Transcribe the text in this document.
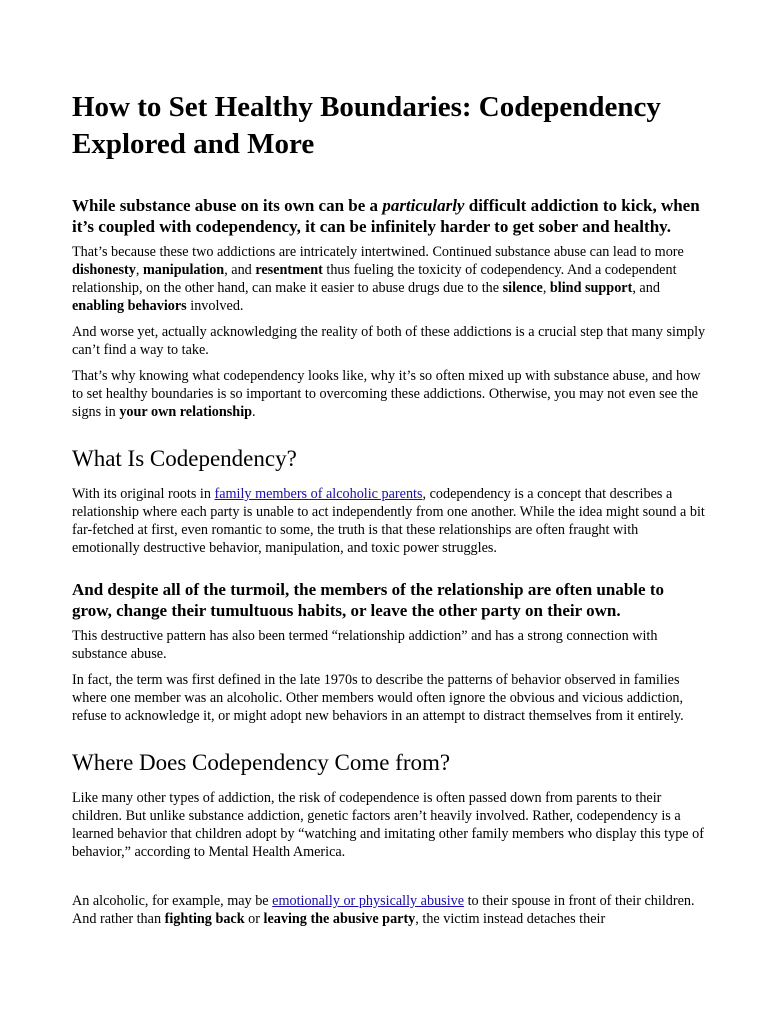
How to Set Healthy Boundaries: Codependency Explored and More
While substance abuse on its own can be a particularly difficult addiction to kick, when it’s coupled with codependency, it can be infinitely harder to get sober and healthy.

That’s because these two addictions are intricately intertwined. Continued substance abuse can lead to more dishonesty, manipulation, and resentment thus fueling the toxicity of codependency. And a codependent relationship, on the other hand, can make it easier to abuse drugs due to the silence, blind support, and enabling behaviors involved.

And worse yet, actually acknowledging the reality of both of these addictions is a crucial step that many simply can’t find a way to take.

That’s why knowing what codependency looks like, why it’s so often mixed up with substance abuse, and how to set healthy boundaries is so important to overcoming these addictions. Otherwise, you may not even see the signs in your own relationship.

What Is Codependency?

With its original roots in family members of alcoholic parents, codependency is a concept that describes a relationship where each party is unable to act independently from one another. While the idea might sound a bit far-fetched at first, even romantic to some, the truth is that these relationships are often fraught with emotionally destructive behavior, manipulation, and toxic power struggles.

And despite all of the turmoil, the members of the relationship are often unable to grow, change their tumultuous habits, or leave the other party on their own.

This destructive pattern has also been termed “relationship addiction” and has a strong connection with substance abuse.

In fact, the term was first defined in the late 1970s to describe the patterns of behavior observed in families where one member was an alcoholic. Other members would often ignore the obvious and vicious addiction, refuse to acknowledge it, or might adopt new behaviors in an attempt to distract themselves from it entirely.

Where Does Codependency Come from?

Like many other types of addiction, the risk of codependence is often passed down from parents to their children. But unlike substance addiction, genetic factors aren’t heavily involved. Rather, codependency is a learned behavior that children adopt by “watching and imitating other family members who display this type of behavior,” according to Mental Health America.

An alcoholic, for example, may be emotionally or physically abusive to their spouse in front of their children. And rather than fighting back or leaving the abusive party, the victim instead detaches their
